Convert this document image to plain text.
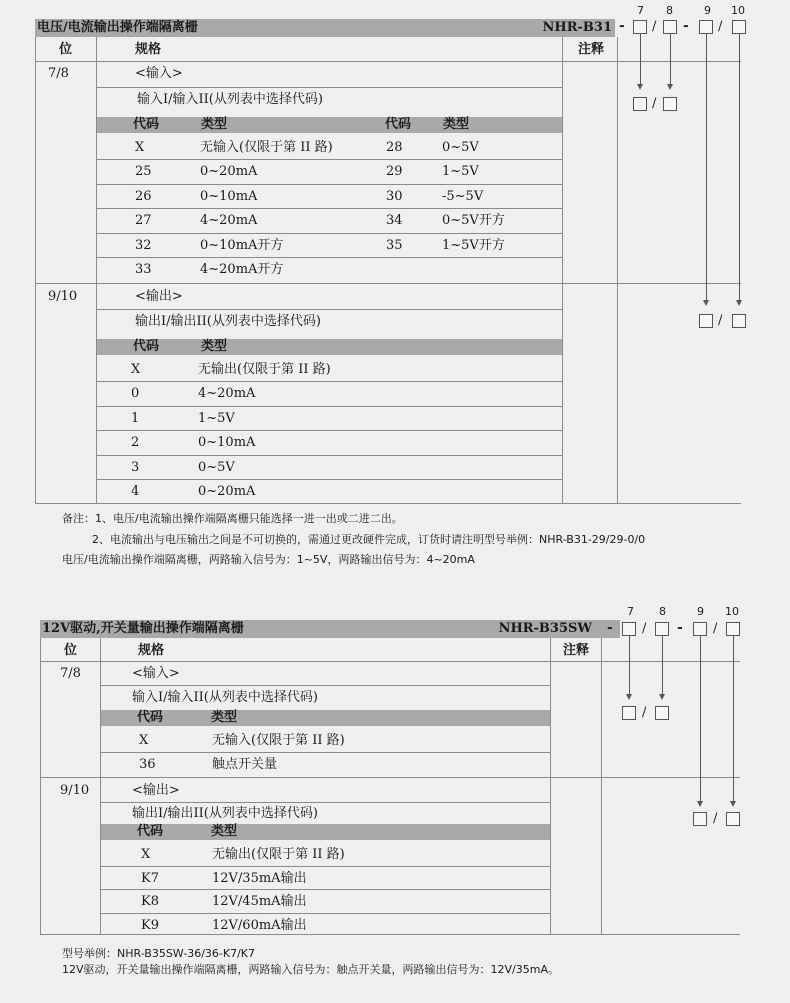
电压/电流输出操作端隔离栅	NHR-B31
位	规格	注释
7/8	<输入>
输入I/输入II(从列表中选择代码)
代码	类型	代码 类型
X	无输入(仅限于第 II 路)	28	0~5V
25	0~20mA	29	1~5V
26	0~10mA	30	-5~5V
27	4~20mA	34	0~5V开方
32	0~10mA开方	35	1~5V开方
33	4~20mA开方
9/10	<输出>
输出I/输出II(从列表中选择代码)
代码	类型
X	无输出(仅限于第 II 路)
0	4~20mA
1	1~5V
2	0~10mA
3	0~5V
4	0~20mA
7 8	9 10
- / - /
/
/
备注：1、电压/电流输出操作端隔离栅只能选择一进一出或二进二出。
2、电流输出与电压输出之间是不可切换的，需通过更改硬件完成，订货时请注明型号举例：NHR-B31-29/29-0/0
电压/电流输出操作端隔离栅，两路输入信号为：1~5V，两路输出信号为：4~20mA
12V驱动,开关量输出操作端隔离栅	NHR-B35SW
位	规格	注释
7/8	<输入>
输入I/输入II(从列表中选择代码)
代码	类型
X	无输入(仅限于第 II 路)
36	触点开关量
9/10	<输出>
输出I/输出II(从列表中选择代码)
代码	类型
X	无输出(仅限于第 II 路)
K7	12V/35mA输出
K8	12V/45mA输出
K9	12V/60mA输出
7 8	9 10
- / - /
/
/
型号举例：NHR-B35SW-36/36-K7/K7
12V驱动，开关量输出操作端隔离栅，两路输入信号为：触点开关量，两路输出信号为：12V/35mA。
